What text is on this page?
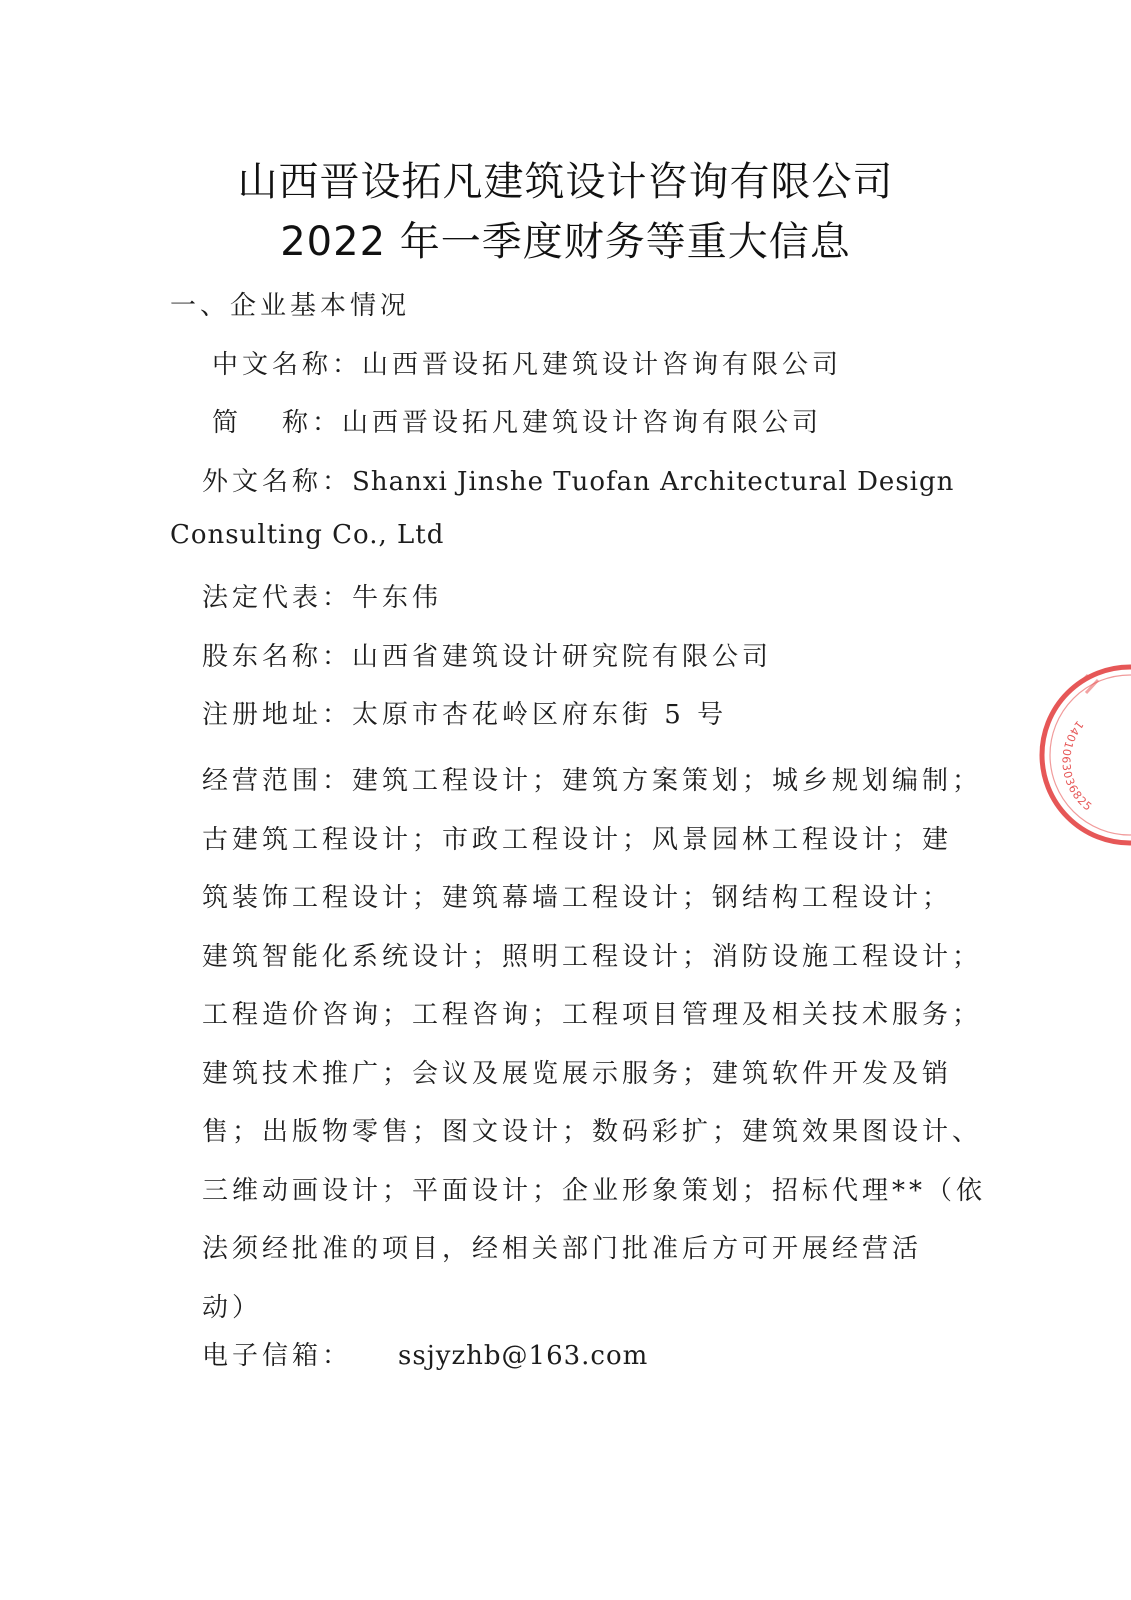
山西晋设拓凡建筑设计咨询有限公司
2022 年一季度财务等重大信息
一、企业基本情况
中文名称：山西晋设拓凡建筑设计咨询有限公司
简 称：山西晋设拓凡建筑设计咨询有限公司
外文名称：Shanxi Jinshe Tuofan Architectural Design
Consulting Co., Ltd
法定代表：牛东伟
股东名称：山西省建筑设计研究院有限公司
注册地址：太原市杏花岭区府东街 5 号
经营范围：建筑工程设计；建筑方案策划；城乡规划编制；
古建筑工程设计；市政工程设计；风景园林工程设计；建
筑装饰工程设计；建筑幕墙工程设计；钢结构工程设计；
建筑智能化系统设计；照明工程设计；消防设施工程设计；
工程造价咨询；工程咨询；工程项目管理及相关技术服务；
建筑技术推广；会议及展览展示服务；建筑软件开发及销
售；出版物零售；图文设计；数码彩扩；建筑效果图设计、
三维动画设计；平面设计；企业形象策划；招标代理**（依
法须经批准的项目，经相关部门批准后方可开展经营活
动）
电子信箱： ssjyzhb@163.com
1401063036825
